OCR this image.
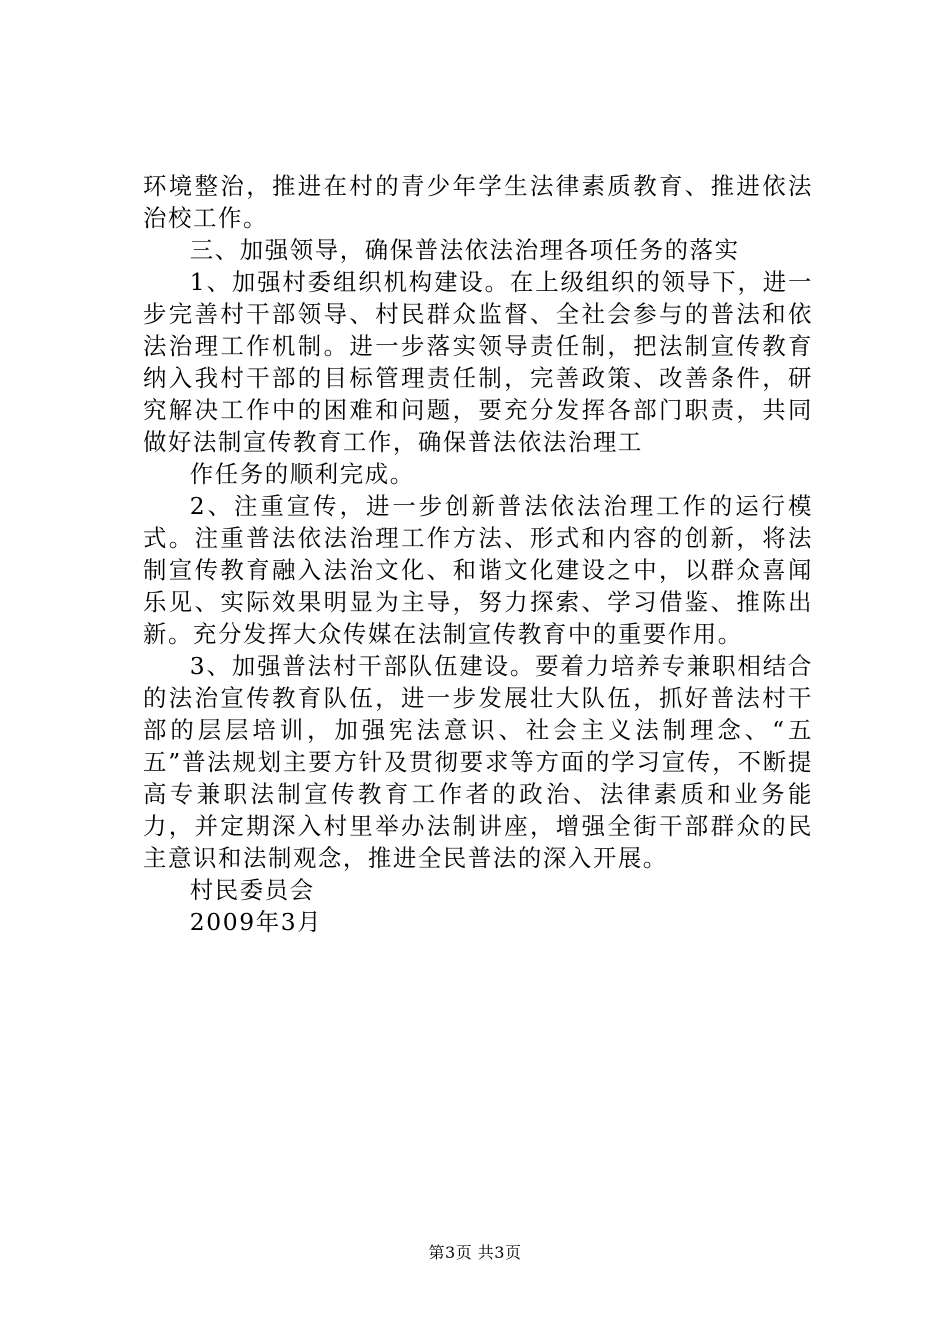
环境整治，推进在村的青少年学生法律素质教育、推进依法治校工作。

三、加强领导，确保普法依法治理各项任务的落实

1、加强村委组织机构建设。在上级组织的领导下，进一步完善村干部领导、村民群众监督、全社会参与的普法和依法治理工作机制。进一步落实领导责任制，把法制宣传教育纳入我村干部的目标管理责任制，完善政策、改善条件，研究解决工作中的困难和问题，要充分发挥各部门职责，共同做好法制宣传教育工作，确保普法依法治理工

作任务的顺利完成。

2、注重宣传，进一步创新普法依法治理工作的运行模式。注重普法依法治理工作方法、形式和内容的创新，将法制宣传教育融入法治文化、和谐文化建设之中，以群众喜闻乐见、实际效果明显为主导，努力探索、学习借鉴、推陈出新。充分发挥大众传媒在法制宣传教育中的重要作用。

3、加强普法村干部队伍建设。要着力培养专兼职相结合的法治宣传教育队伍，进一步发展壮大队伍，抓好普法村干部的层层培训，加强宪法意识、社会主义法制理念、“五五”普法规划主要方针及贯彻要求等方面的学习宣传，不断提高专兼职法制宣传教育工作者的政治、法律素质和业务能力，并定期深入村里举办法制讲座，增强全街干部群众的民主意识和法制观念，推进全民普法的深入开展。

村民委员会

2009年3月

第3页 共3页
